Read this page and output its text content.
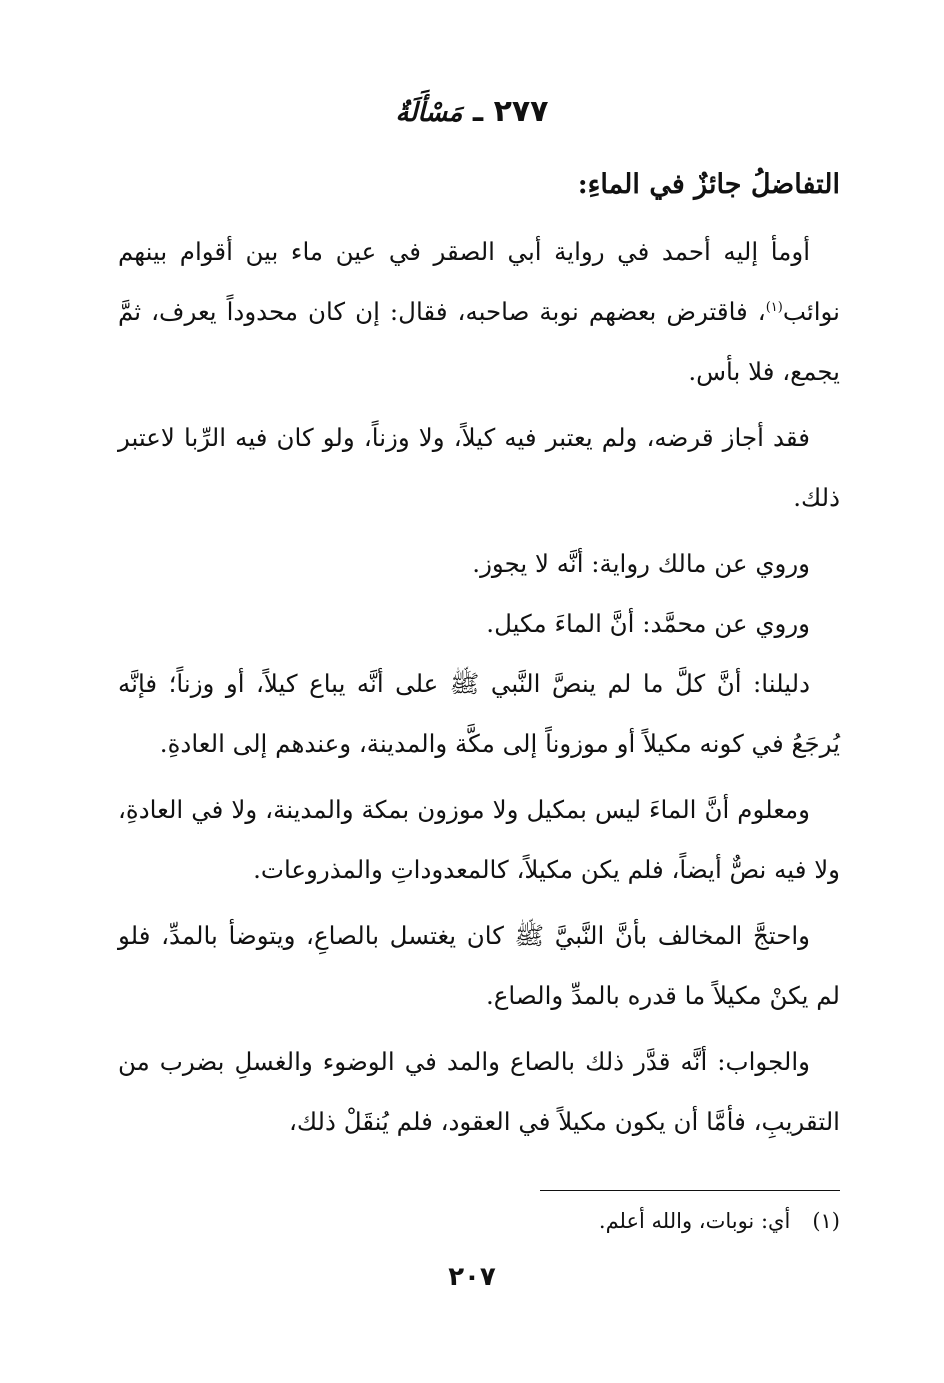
٢٧٧ ـ مَسْأَلَةٌ
التفاضلُ جائزٌ في الماءِ:

أومأ إليه أحمد في رواية أبي الصقر في عين ماء بين أقوام بينهم نوائب$^{(١)}$، فاقترض بعضهم نوبة صاحبه، فقال: إن كان محدوداً يعرف، ثمَّ يجمع، فلا بأس.

فقد أجاز قرضه، ولم يعتبر فيه كيلاً، ولا وزناً، ولو كان فيه الرِّبا لاعتبر ذلك.

وروي عن مالك رواية: أنَّه لا يجوز.

وروي عن محمَّد: أنَّ الماءَ مكيل.

دليلنا: أنَّ كلَّ ما لم ينصَّ النَّبي ﷺ على أنَّه يباع كيلاً، أو وزناً؛ فإنَّه يُرجَعُ في كونه مكيلاً أو موزوناً إلى مكَّة والمدينة، وعندهم إلى العادةِ.

ومعلوم أنَّ الماءَ ليس بمكيل ولا موزون بمكة والمدينة، ولا في العادةِ، ولا فيه نصٌّ أيضاً، فلم يكن مكيلاً، كالمعدوداتِ والمذروعات.

واحتجَّ المخالف بأنَّ النَّبيَّ ﷺ كان يغتسل بالصاعِ، ويتوضأ بالمدِّ، فلو لم يكنْ مكيلاً ما قدره بالمدِّ والصاع.

والجواب: أنَّه قدَّر ذلك بالصاع والمد في الوضوء والغسلِ بضرب من التقريبِ، فأمَّا أن يكون مكيلاً في العقود، فلم يُنقَلْ ذلك،

(١)أي: نوبات، والله أعلم.
٢٠٧
